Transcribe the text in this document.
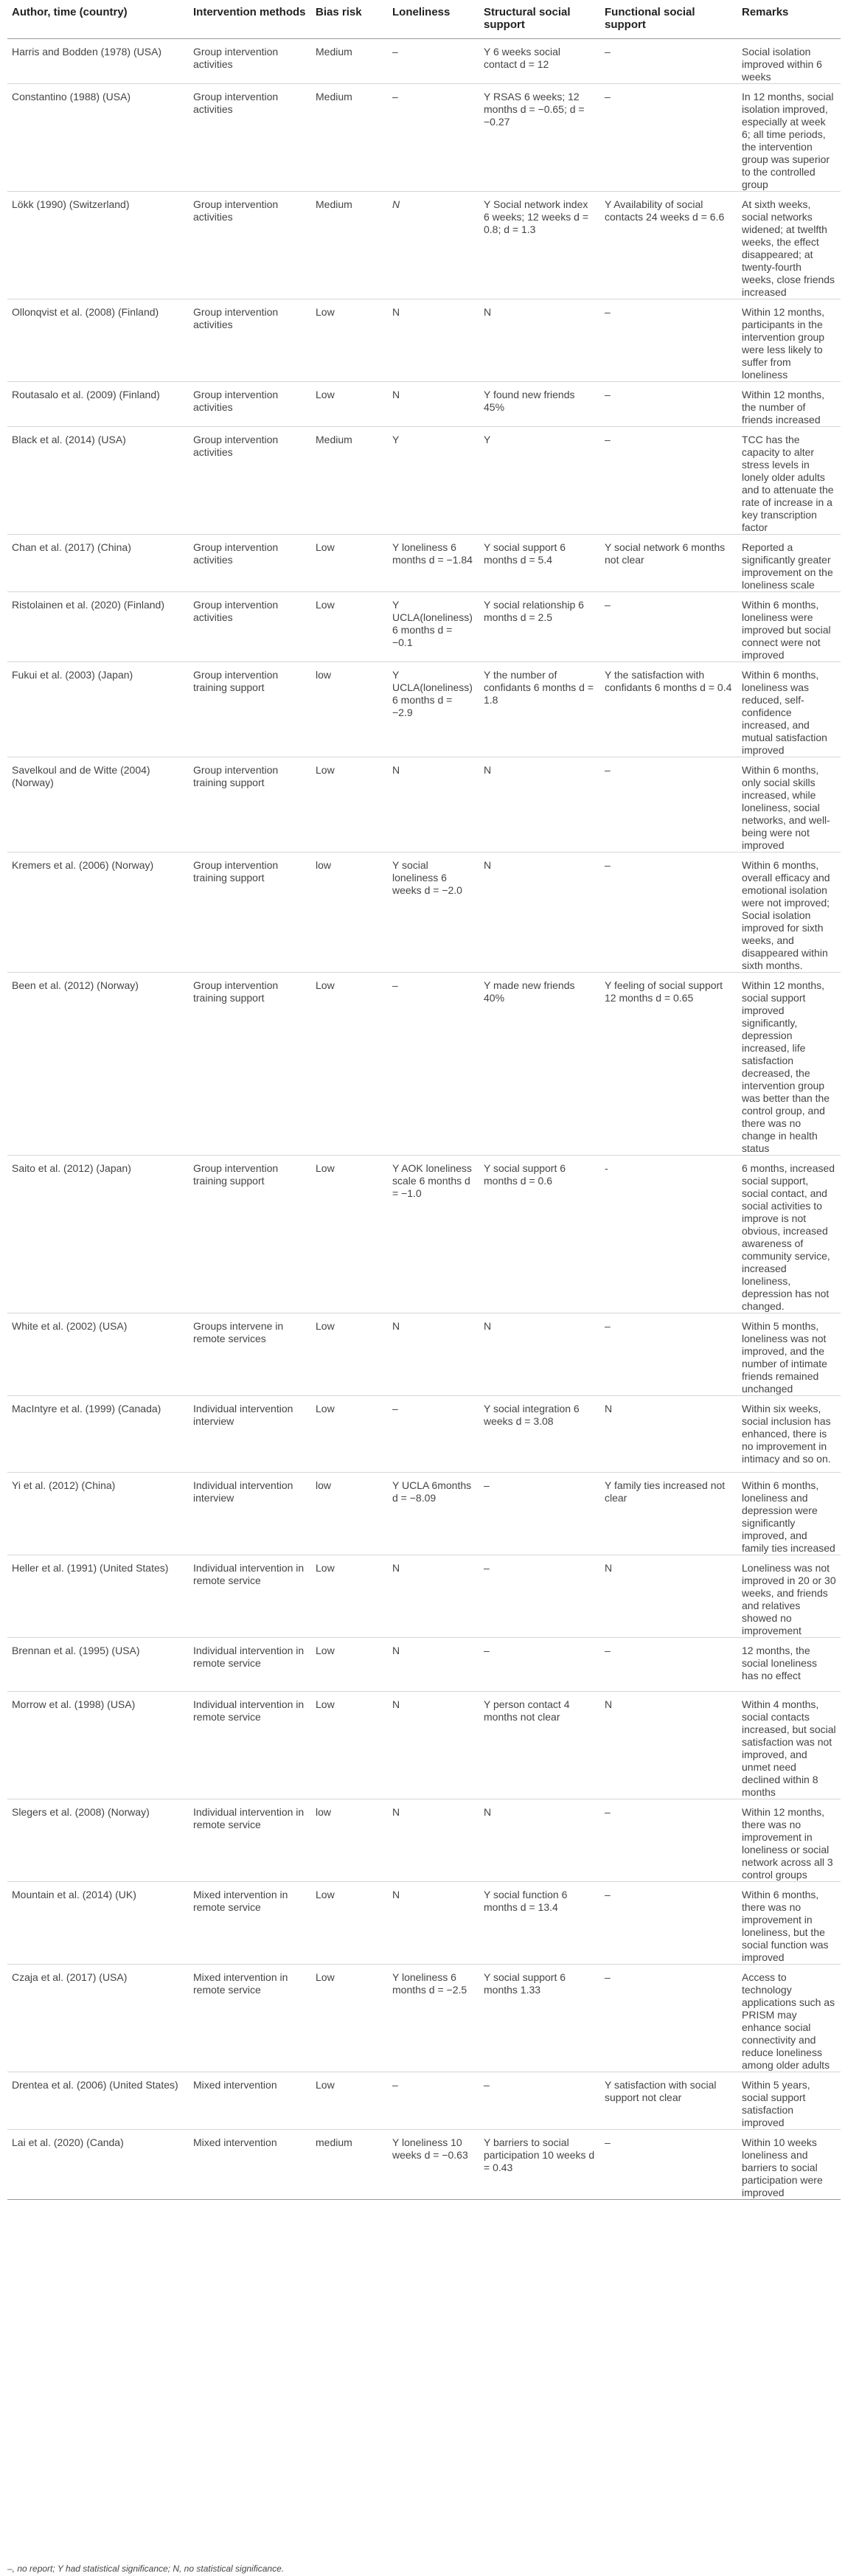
Author, time (country)	Intervention methods	Bias risk	Loneliness	Structural social support	Functional social support	Remarks
Harris and Bodden (1978) (USA)	Group intervention activities	Medium	–	Y 6 weeks social contact d = 12	–	Social isolation improved within 6 weeks
Constantino (1988) (USA)	Group intervention activities	Medium	–	Y RSAS 6 weeks; 12 months d = −0.65; d = −0.27	–	In 12 months, social isolation improved, especially at week 6; all time periods, the intervention group was superior to the controlled group
Lökk (1990) (Switzerland)	Group intervention activities	Medium	N	Y Social network index 6 weeks; 12 weeks d = 0.8; d = 1.3	Y Availability of social contacts 24 weeks d = 6.6	At sixth weeks, social networks widened; at twelfth weeks, the effect disappeared; at twenty-fourth weeks, close friends increased
Ollonqvist et al. (2008) (Finland)	Group intervention activities	Low	N	N	–	Within 12 months, participants in the intervention group were less likely to suffer from loneliness
Routasalo et al. (2009) (Finland)	Group intervention activities	Low	N	Y found new friends 45%	–	Within 12 months, the number of friends increased
Black et al. (2014) (USA)	Group intervention activities	Medium	Y	Y	–	TCC has the capacity to alter stress levels in lonely older adults and to attenuate the rate of increase in a key transcription factor
Chan et al. (2017) (China)	Group intervention activities	Low	Y loneliness 6 months d = −1.84	Y social support 6 months d = 5.4	Y social network 6 months not clear	Reported a significantly greater improvement on the loneliness scale
Ristolainen et al. (2020) (Finland)	Group intervention activities	Low	Y UCLA(loneliness) 6 months d = −0.1	Y social relationship 6 months d = 2.5	–	Within 6 months, loneliness were improved but social connect were not improved
Fukui et al. (2003) (Japan)	Group intervention training support	low	Y UCLA(loneliness) 6 months d = −2.9	Y the number of confidants 6 months d = 1.8	Y the satisfaction with confidants 6 months d = 0.4	Within 6 months, loneliness was reduced, self-confidence increased, and mutual satisfaction improved
Savelkoul and de Witte (2004) (Norway)	Group intervention training support	Low	N	N	–	Within 6 months, only social skills increased, while loneliness, social networks, and well-being were not improved
Kremers et al. (2006) (Norway)	Group intervention training support	low	Y social loneliness 6 weeks d = −2.0	N	–	Within 6 months, overall efficacy and emotional isolation were not improved; Social isolation improved for sixth weeks, and disappeared within sixth months.
Been et al. (2012) (Norway)	Group intervention training support	Low	–	Y made new friends 40%	Y feeling of social support 12 months d = 0.65	Within 12 months, social support improved significantly, depression increased, life satisfaction decreased, the intervention group was better than the control group, and there was no change in health status
Saito et al. (2012) (Japan)	Group intervention training support	Low	Y AOK loneliness scale 6 months d = −1.0	Y social support 6 months d = 0.6	-	6 months, increased social support, social contact, and social activities to improve is not obvious, increased awareness of community service, increased loneliness, depression has not changed.
White et al. (2002) (USA)	Groups intervene in remote services	Low	N	N	–	Within 5 months, loneliness was not improved, and the number of intimate friends remained unchanged
MacIntyre et al. (1999) (Canada)	Individual intervention interview	Low	–	Y social integration 6 weeks d = 3.08	N	Within six weeks, social inclusion has enhanced, there is no improvement in intimacy and so on.
Yi et al. (2012) (China)	Individual intervention interview	low	Y UCLA 6months d = −8.09	–	Y family ties increased not clear	Within 6 months, loneliness and depression were significantly improved, and family ties increased
Heller et al. (1991) (United States)	Individual intervention in remote service	Low	N	–	N	Loneliness was not improved in 20 or 30 weeks, and friends and relatives showed no improvement
Brennan et al. (1995) (USA)	Individual intervention in remote service	Low	N	–	–	12 months, the social loneliness has no effect
Morrow et al. (1998) (USA)	Individual intervention in remote service	Low	N	Y person contact 4 months not clear	N	Within 4 months, social contacts increased, but social satisfaction was not improved, and unmet need declined within 8 months
Slegers et al. (2008) (Norway)	Individual intervention in remote service	low	N	N	–	Within 12 months, there was no improvement in loneliness or social network across all 3 control groups
Mountain et al. (2014) (UK)	Mixed intervention in remote service	Low	N	Y social function 6 months d = 13.4	–	Within 6 months, there was no improvement in loneliness, but the social function was improved
Czaja et al. (2017) (USA)	Mixed intervention in remote service	Low	Y loneliness 6 months d = −2.5	Y social support 6 months 1.33	–	Access to technology applications such as PRISM may enhance social connectivity and reduce loneliness among older adults
Drentea et al. (2006) (United States)	Mixed intervention	Low	–	–	Y satisfaction with social support not clear	Within 5 years, social support satisfaction improved
Lai et al. (2020) (Canda)	Mixed intervention	medium	Y loneliness 10 weeks d = −0.63	Y barriers to social participation 10 weeks d = 0.43	–	Within 10 weeks loneliness and barriers to social participation were improved
–, no report; Y had statistical significance; N, no statistical significance.
